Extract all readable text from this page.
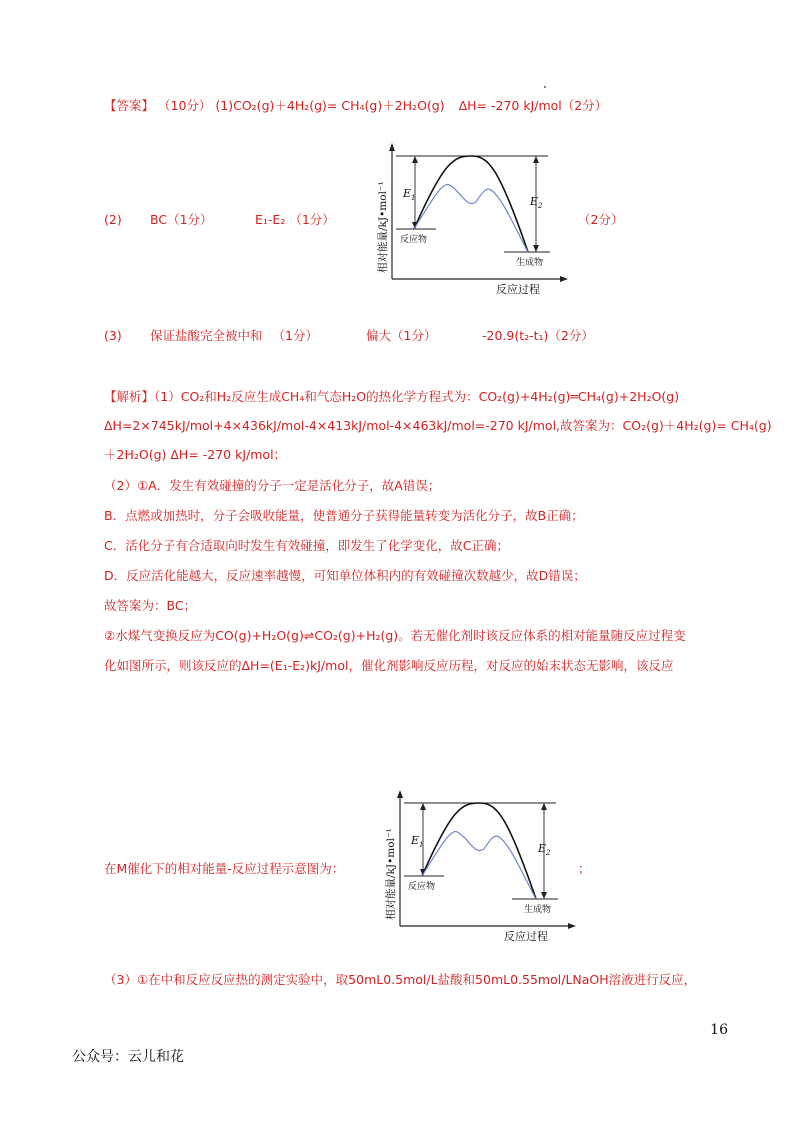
【答案】 （10分） (1)CO₂(g)＋4H₂(g)= CH₄(g)＋2H₂O(g) ΔH= -270 kJ/mol（2分）
(2) BC（1分）	E₁-E₂ （1分）	（2分）
相对能量/kJ•mol⁻¹ $E_1$	$E_2$
反应物
生成物
反应过程
(3) 保证盐酸完全被中和 （1分）	偏大（1分）	-20.9(t₂-t₁)（2分）
【解析】（1）CO₂和H₂反应生成CH₄和气态H₂O的热化学方程式为：CO₂(g)+4H₂(g)═CH₄(g)+2H₂O(g)
ΔH=2×745kJ/mol+4×436kJ/mol-4×413kJ/mol-4×463kJ/mol=-270 kJ/mol,故答案为：CO₂(g)＋4H₂(g)= CH₄(g)
＋2H₂O(g) ΔH= -270 kJ/mol；
（2）①A．发生有效碰撞的分子一定是活化分子，故A错误；
B．点燃或加热时，分子会吸收能量，使普通分子获得能量转变为活化分子，故B正确；
C．活化分子有合适取向时发生有效碰撞，即发生了化学变化，故C正确；
D．反应活化能越大，反应速率越慢，可知单位体积内的有效碰撞次数越少，故D错误；
故答案为：BC；
②水煤气变换反应为CO(g)+H₂O(g)⇌CO₂(g)+H₂(g)。若无催化剂时该反应体系的相对能量随反应过程变
化如图所示，则该反应的ΔH=(E₁-E₂)kJ/mol，催化剂影响反应历程，对反应的始末状态无影响，该反应
在M催化下的相对能量-反应过程示意图为：	；
相对能量/kJ•mol⁻¹ $E_1$	$E_2$
反应物
生成物
反应过程
（3）①在中和反应反应热的测定实验中，取50mL0.5mol/L盐酸和50mL0.55mol/LNaOH溶液进行反应，
16
公众号：云儿和花
